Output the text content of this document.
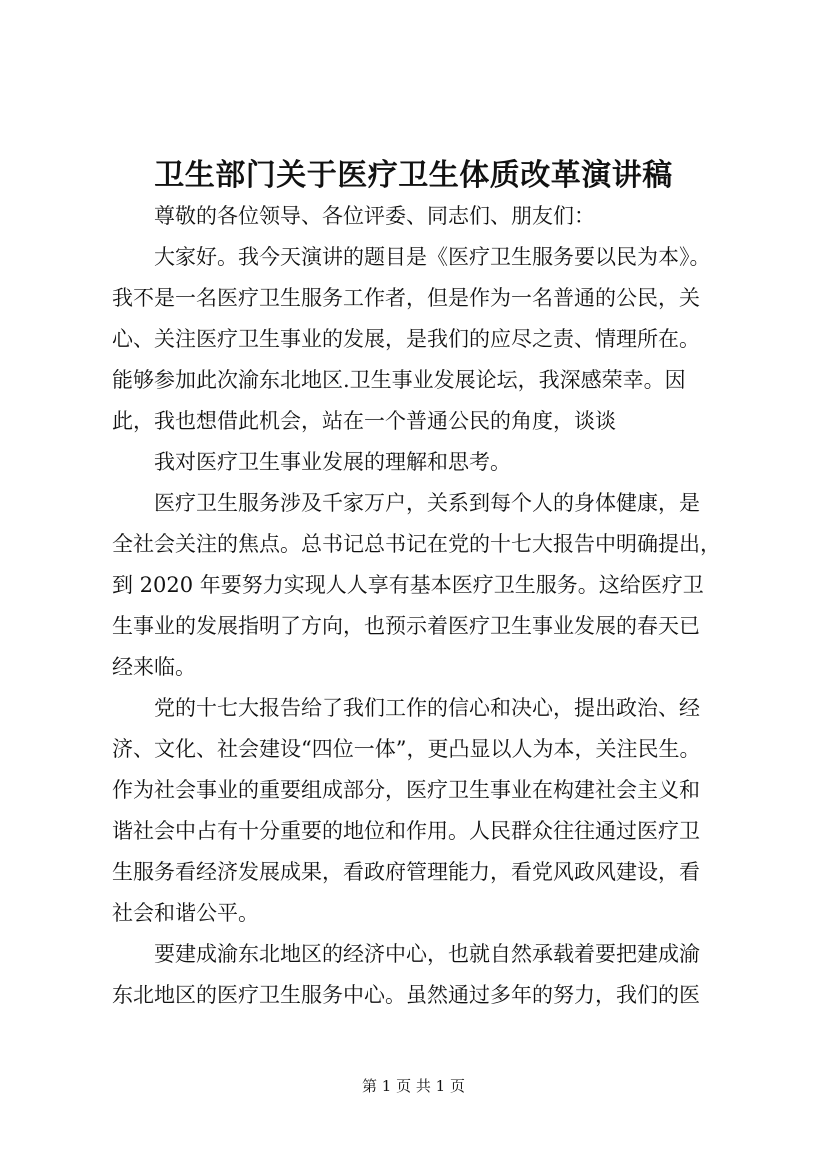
卫生部门关于医疗卫生体质改革演讲稿
尊敬的各位领导、各位评委、同志们、朋友们：
大家好。我今天演讲的题目是《医疗卫生服务要以民为本》。
我不是一名医疗卫生服务工作者，但是作为一名普通的公民，关
心、关注医疗卫生事业的发展，是我们的应尽之责、情理所在。
能够参加此次渝东北地区.卫生事业发展论坛，我深感荣幸。因
此，我也想借此机会，站在一个普通公民的角度，谈谈
我对医疗卫生事业发展的理解和思考。
医疗卫生服务涉及千家万户，关系到每个人的身体健康，是
全社会关注的焦点。总书记总书记在党的十七大报告中明确提出，
到 2020 年要努力实现人人享有基本医疗卫生服务。这给医疗卫
生事业的发展指明了方向，也预示着医疗卫生事业发展的春天已
经来临。
党的十七大报告给了我们工作的信心和决心，提出政治、经
济、文化、社会建设“四位一体”，更凸显以人为本，关注民生。
作为社会事业的重要组成部分，医疗卫生事业在构建社会主义和
谐社会中占有十分重要的地位和作用。人民群众往往通过医疗卫
生服务看经济发展成果，看政府管理能力，看党风政风建设，看
社会和谐公平。
要建成渝东北地区的经济中心，也就自然承载着要把建成渝
东北地区的医疗卫生服务中心。虽然通过多年的努力，我们的医
第 1 页 共 1 页
